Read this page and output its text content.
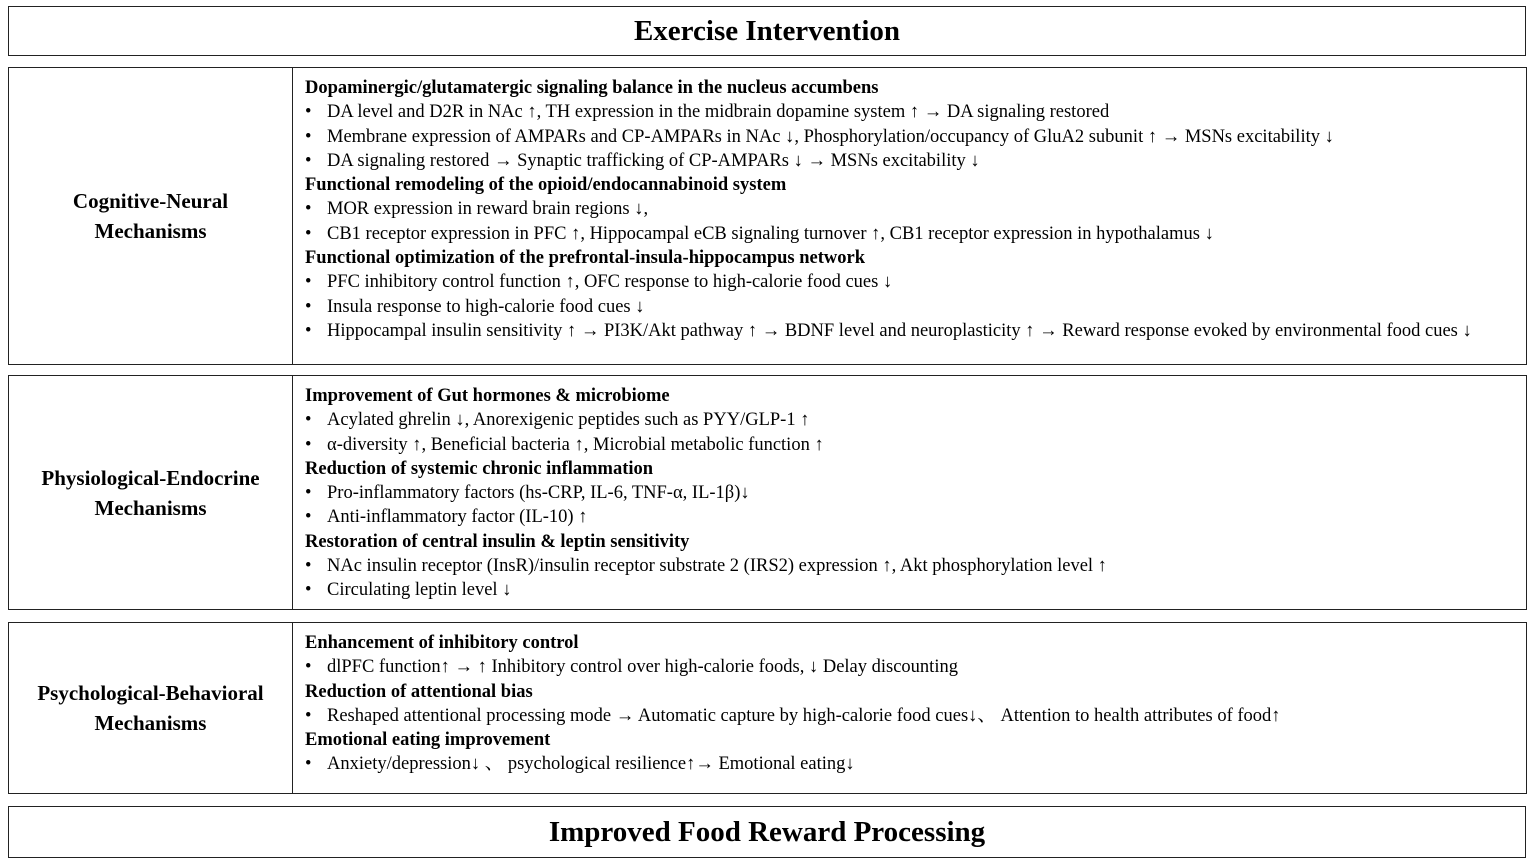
Exercise Intervention
Cognitive-Neural
Mechanisms
Dopaminergic/glutamatergic signaling balance in the nucleus accumbens
• DA level and D2R in NAc ↑, TH expression in the midbrain dopamine system ↑ → DA signaling restored
• Membrane expression of AMPARs and CP-AMPARs in NAc ↓, Phosphorylation/occupancy of GluA2 subunit ↑ → MSNs excitability ↓
• DA signaling restored → Synaptic trafficking of CP-AMPARs ↓ → MSNs excitability ↓
Functional remodeling of the opioid/endocannabinoid system
• MOR expression in reward brain regions ↓,
• CB1 receptor expression in PFC ↑, Hippocampal eCB signaling turnover ↑, CB1 receptor expression in hypothalamus ↓
Functional optimization of the prefrontal-insula-hippocampus network
• PFC inhibitory control function ↑, OFC response to high-calorie food cues ↓
• Insula response to high-calorie food cues ↓
• Hippocampal insulin sensitivity ↑ → PI3K/Akt pathway ↑ → BDNF level and neuroplasticity ↑ → Reward response evoked by environmental food cues ↓
Physiological-Endocrine
Mechanisms
Improvement of Gut hormones & microbiome
• Acylated ghrelin ↓, Anorexigenic peptides such as PYY/GLP-1 ↑
• α-diversity ↑, Beneficial bacteria ↑, Microbial metabolic function ↑
Reduction of systemic chronic inflammation
• Pro-inflammatory factors (hs-CRP, IL-6, TNF-α, IL-1β)↓
• Anti-inflammatory factor (IL-10) ↑
Restoration of central insulin & leptin sensitivity
• NAc insulin receptor (InsR)/insulin receptor substrate 2 (IRS2) expression ↑, Akt phosphorylation level ↑
• Circulating leptin level ↓
Psychological-Behavioral
Mechanisms
Enhancement of inhibitory control
• dlPFC function↑ → ↑ Inhibitory control over high-calorie foods, ↓ Delay discounting
Reduction of attentional bias
• Reshaped attentional processing mode → Automatic capture by high-calorie food cues↓、 Attention to health attributes of food↑
Emotional eating improvement
• Anxiety/depression↓ 、 psychological resilience↑→ Emotional eating↓
Improved Food Reward Processing
